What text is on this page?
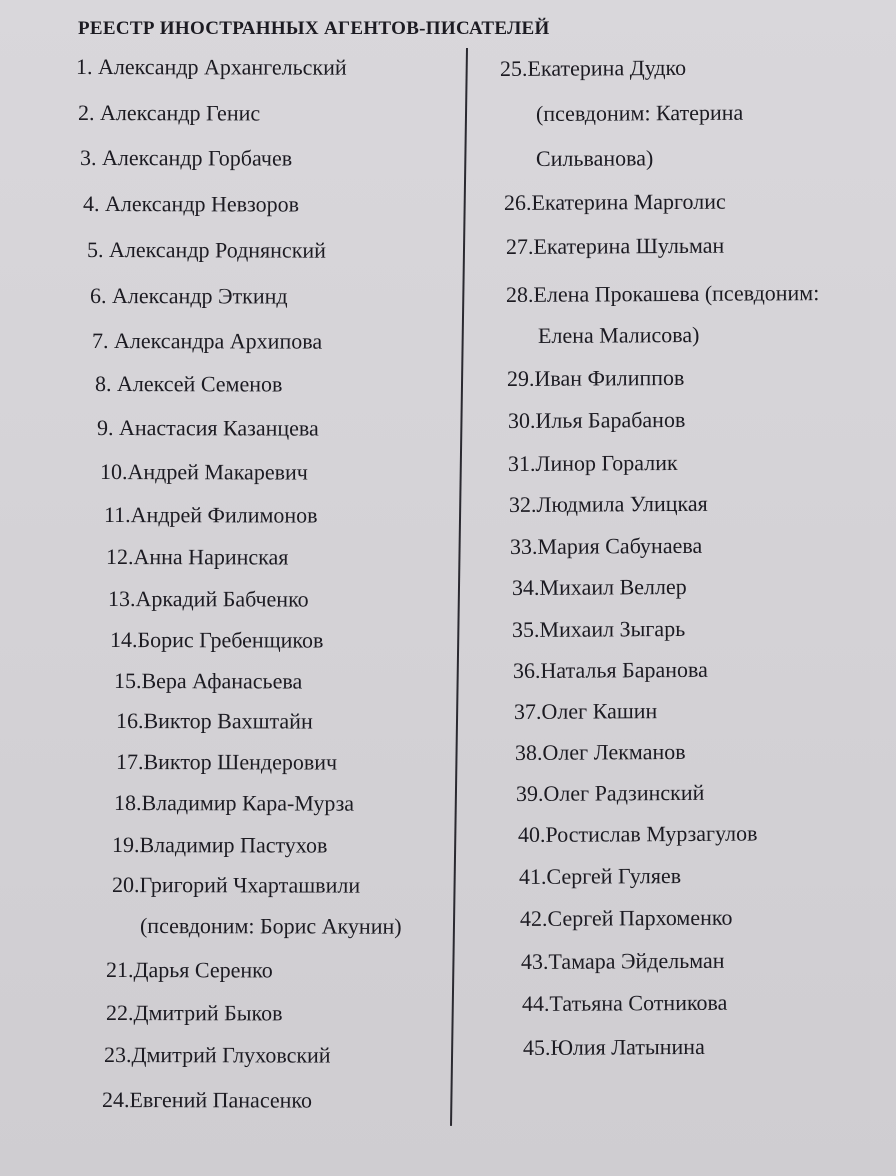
РЕЕСТР ИНОСТРАННЫХ АГЕНТОВ-ПИСАТЕЛЕЙ
1. Александр Архангельский
2. Александр Генис
3. Александр Горбачев
4. Александр Невзоров
5. Александр Роднянский
6. Александр Эткинд
7. Александра Архипова
8. Алексей Семенов
9. Анастасия Казанцева
10.Андрей Макаревич
11.Андрей Филимонов
12.Анна Наринская
13.Аркадий Бабченко
14.Борис Гребенщиков
15.Вера Афанасьева
16.Виктор Вахштайн
17.Виктор Шендерович
18.Владимир Кара-Мурза
19.Владимир Пастухов
20.Григорий Чхарташвили
(псевдоним: Борис Акунин)
21.Дарья Серенко
22.Дмитрий Быков
23.Дмитрий Глуховский
24.Евгений Панасенко
25.Екатерина Дудко
(псевдоним: Катерина
Сильванова)
26.Екатерина Марголис
27.Екатерина Шульман
28.Елена Прокашева (псевдоним:
Елена Малисова)
29.Иван Филиппов
30.Илья Барабанов
31.Линор Горалик
32.Людмила Улицкая
33.Мария Сабунаева
34.Михаил Веллер
35.Михаил Зыгарь
36.Наталья Баранова
37.Олег Кашин
38.Олег Лекманов
39.Олег Радзинский
40.Ростислав Мурзагулов
41.Сергей Гуляев
42.Сергей Пархоменко
43.Тамара Эйдельман
44.Татьяна Сотникова
45.Юлия Латынина
